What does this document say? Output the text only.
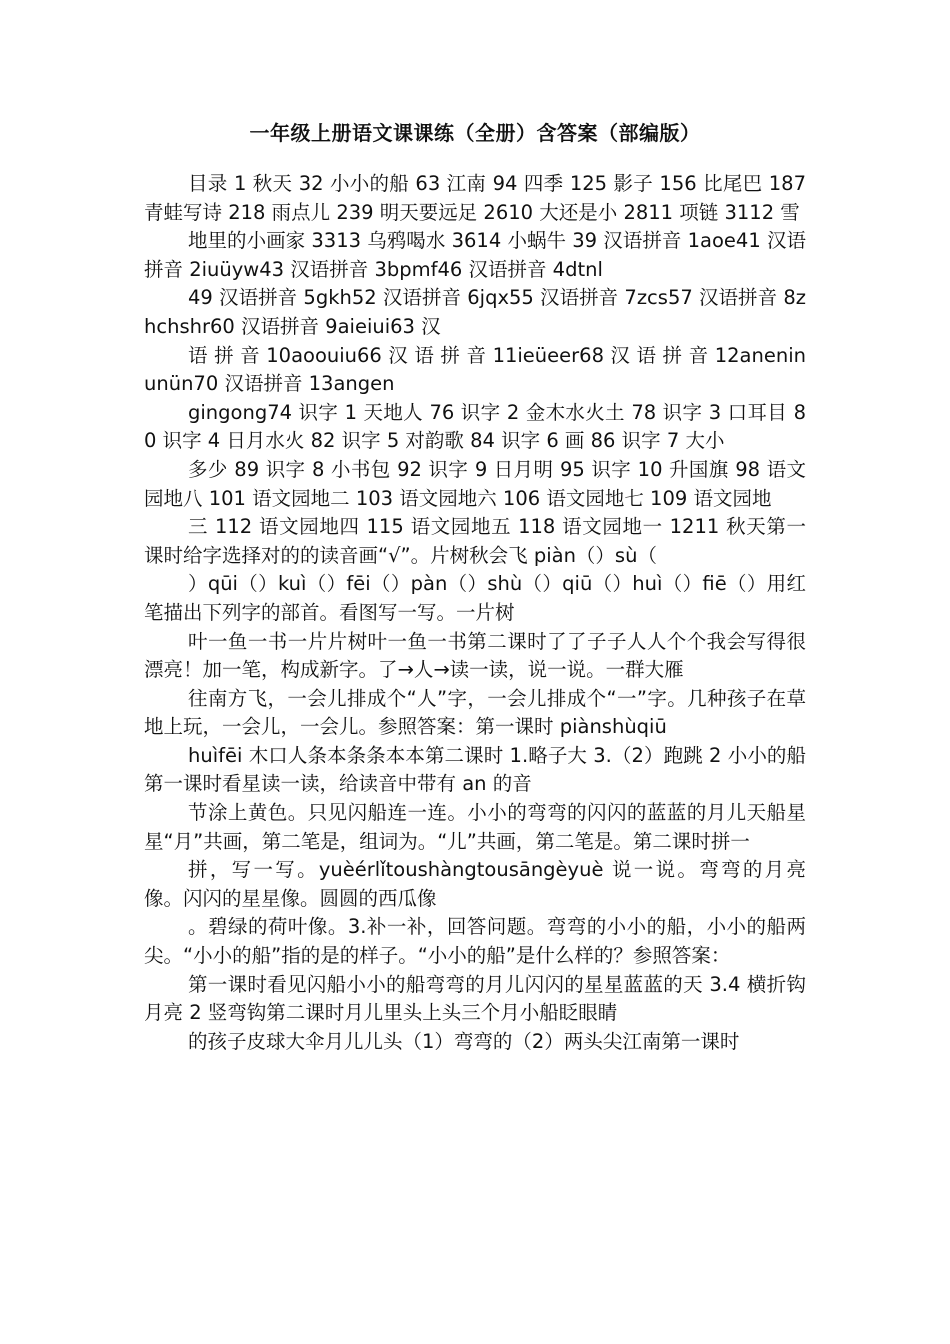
一年级上册语文课课练（全册）含答案（部编版）

目录 1 秋天 32 小小的船 63 江南 94 四季 125 影子 156 比尾巴 187 青蛙写诗 218 雨点儿 239 明天要远足 2610 大还是小 2811 项链 3112 雪

地里的小画家 3313 乌鸦喝水 3614 小蜗牛 39 汉语拼音 1aoe41 汉语拼音 2iuüyw43 汉语拼音 3bpmf46 汉语拼音 4dtnl

49 汉语拼音 5gkh52 汉语拼音 6jqx55 汉语拼音 7zcs57 汉语拼音 8zhchshr60 汉语拼音 9aieiui63 汉

语 拼 音 10aoouiu66 汉 语 拼 音 11ieüeer68 汉 语 拼 音 12aneninunün70 汉语拼音 13angen

gingong74 识字 1 天地人 76 识字 2 金木水火土 78 识字 3 口耳目 80 识字 4 日月水火 82 识字 5 对韵歌 84 识字 6 画 86 识字 7 大小

多少 89 识字 8 小书包 92 识字 9 日月明 95 识字 10 升国旗 98 语文园地八 101 语文园地二 103 语文园地六 106 语文园地七 109 语文园地

三 112 语文园地四 115 语文园地五 118 语文园地一 1211 秋天第一课时给字选择对的的读音画“√”。片树秋会飞 piàn（）sù（

）qūi（）kuì（）fēi（）pàn（）shù（）qiū（）huì（）fiē（）用红笔描出下列字的部首。看图写一写。一片树

叶一鱼一书一片片树叶一鱼一书第二课时了了子子人人个个我会写得很漂亮！加一笔，构成新字。了→人→读一读，说一说。一群大雁

往南方飞，一会儿排成个“人”字，一会儿排成个“一”字。几种孩子在草地上玩，一会儿，一会儿。参照答案：第一课时 piànshùqiū

huìfēi 木口人条本条条本本第二课时 1.略子大 3.（2）跑跳 2 小小的船第一课时看星读一读，给读音中带有 an 的音

节涂上黄色。只见闪船连一连。小小的弯弯的闪闪的蓝蓝的月儿天船星星“月”共画，第二笔是，组词为。“儿”共画，第二笔是。第二课时拼一

拼，写一写。yuèérlǐtoushàngtousāngèyuè 说一说。弯弯的月亮像。闪闪的星星像。圆圆的西瓜像

。碧绿的荷叶像。3.补一补，回答问题。弯弯的小小的船，小小的船两尖。“小小的船”指的是的样子。“小小的船”是什么样的？参照答案：

第一课时看见闪船小小的船弯弯的月儿闪闪的星星蓝蓝的天 3.4 横折钩月亮 2 竖弯钩第二课时月儿里头上头三个月小船眨眼睛

的孩子皮球大伞月儿儿头（1）弯弯的（2）两头尖江南第一课时
